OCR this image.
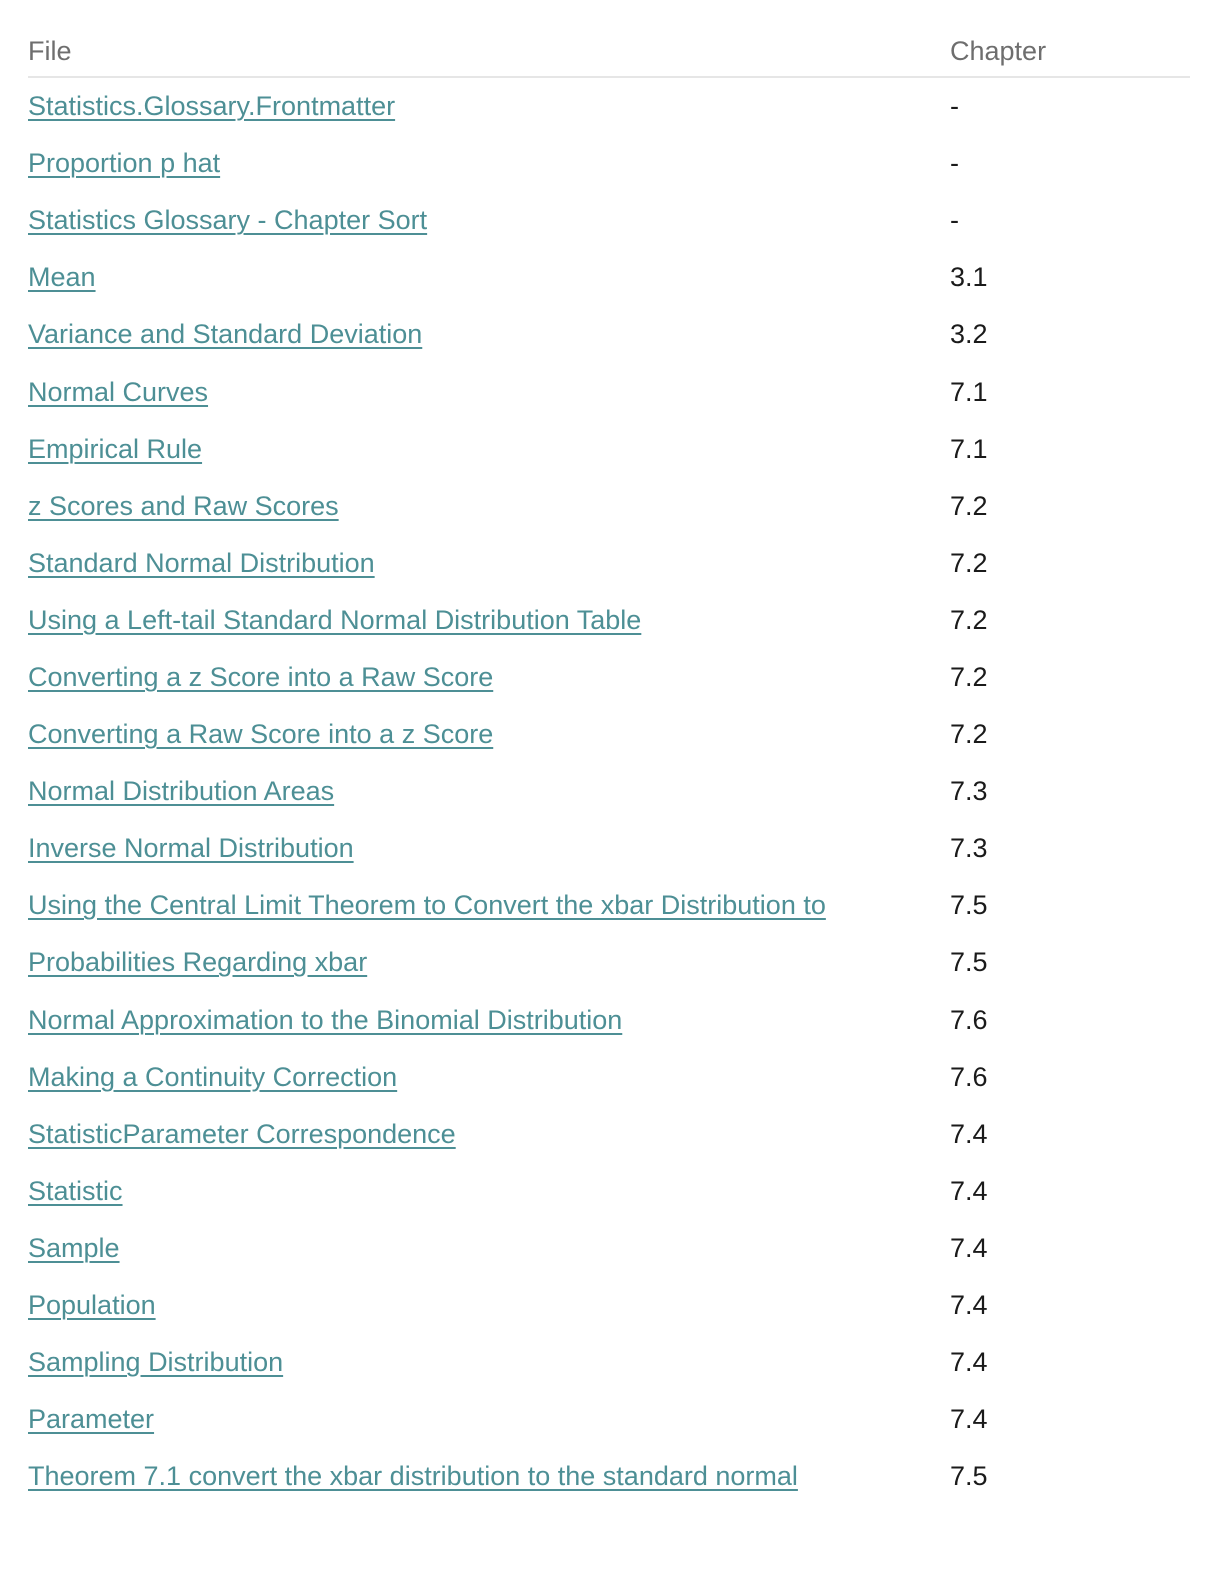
File	Chapter
Statistics.Glossary.Frontmatter	-
Proportion p hat	-
Statistics Glossary - Chapter Sort	-
Mean	3.1
Variance and Standard Deviation	3.2
Normal Curves	7.1
Empirical Rule	7.1
z Scores and Raw Scores	7.2
Standard Normal Distribution	7.2
Using a Left-tail Standard Normal Distribution Table	7.2
Converting a z Score into a Raw Score	7.2
Converting a Raw Score into a z Score	7.2
Normal Distribution Areas	7.3
Inverse Normal Distribution	7.3
Using the Central Limit Theorem to Convert the xbar Distribution to	7.5
Probabilities Regarding xbar	7.5
Normal Approximation to the Binomial Distribution	7.6
Making a Continuity Correction	7.6
StatisticParameter Correspondence	7.4
Statistic	7.4
Sample	7.4
Population	7.4
Sampling Distribution	7.4
Parameter	7.4
Theorem 7.1 convert the xbar distribution to the standard normal	7.5
